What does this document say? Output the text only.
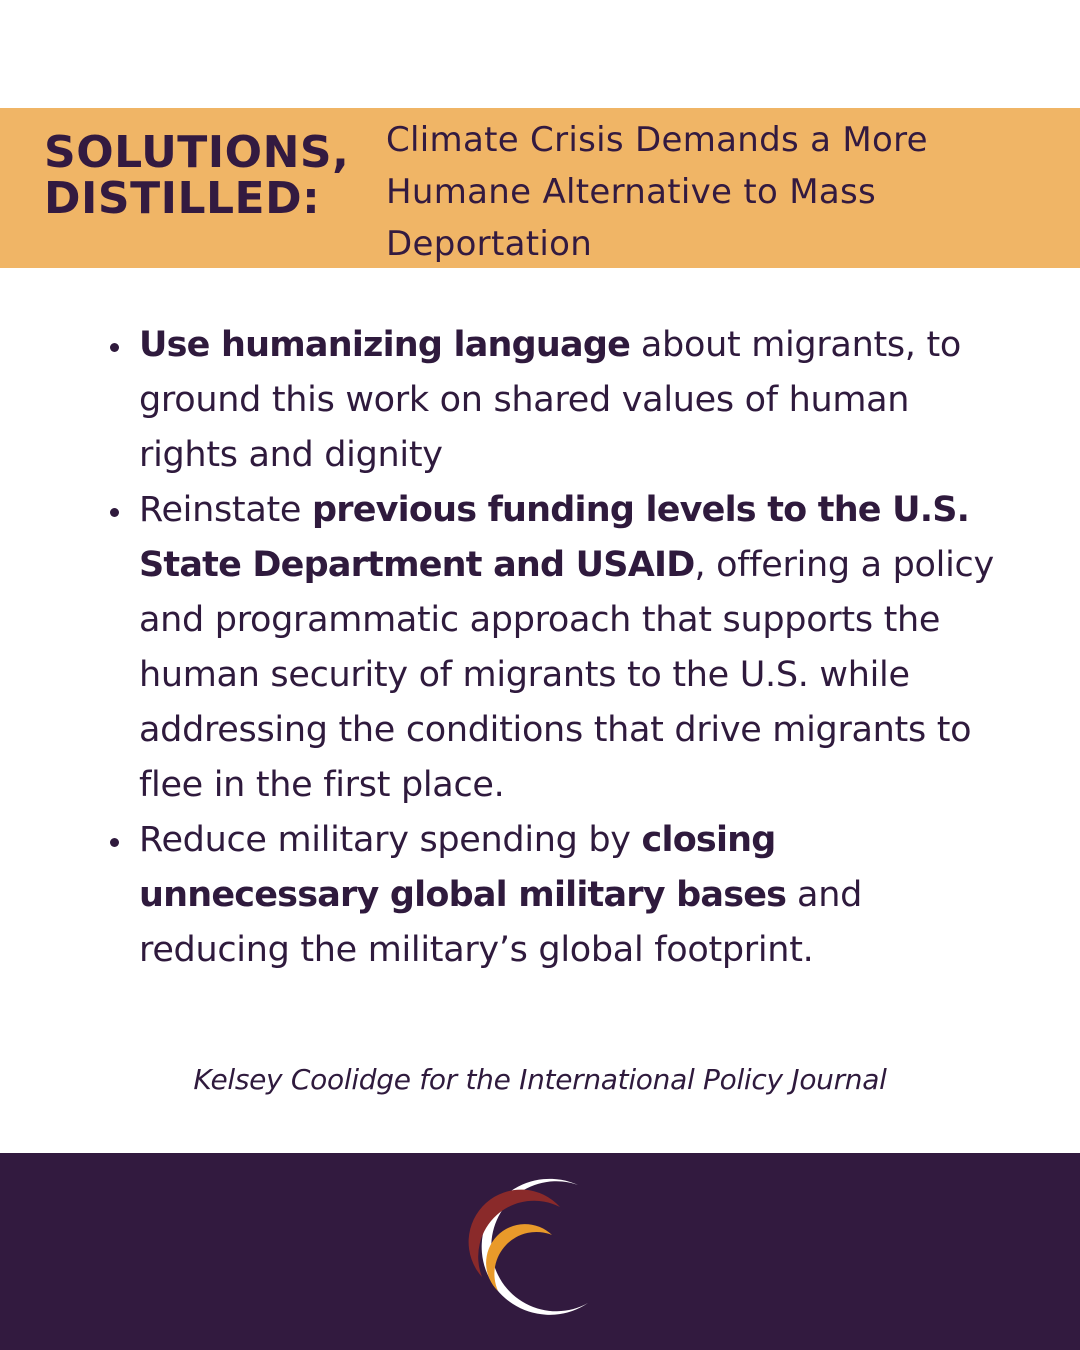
SOLUTIONS,
DISTILLED:
Climate Crisis Demands a More
Humane Alternative to Mass
Deportation
Use humanizing language about migrants, to ground this work on shared values of human rights and dignity
Reinstate previous funding levels to the U.S. State Department and USAID, offering a policy and programmatic approach that supports the human security of migrants to the U.S. while addressing the conditions that drive migrants to flee in the first place.
Reduce military spending by closing unnecessary global military bases and reducing the military’s global footprint.
Kelsey Coolidge for the International Policy Journal
